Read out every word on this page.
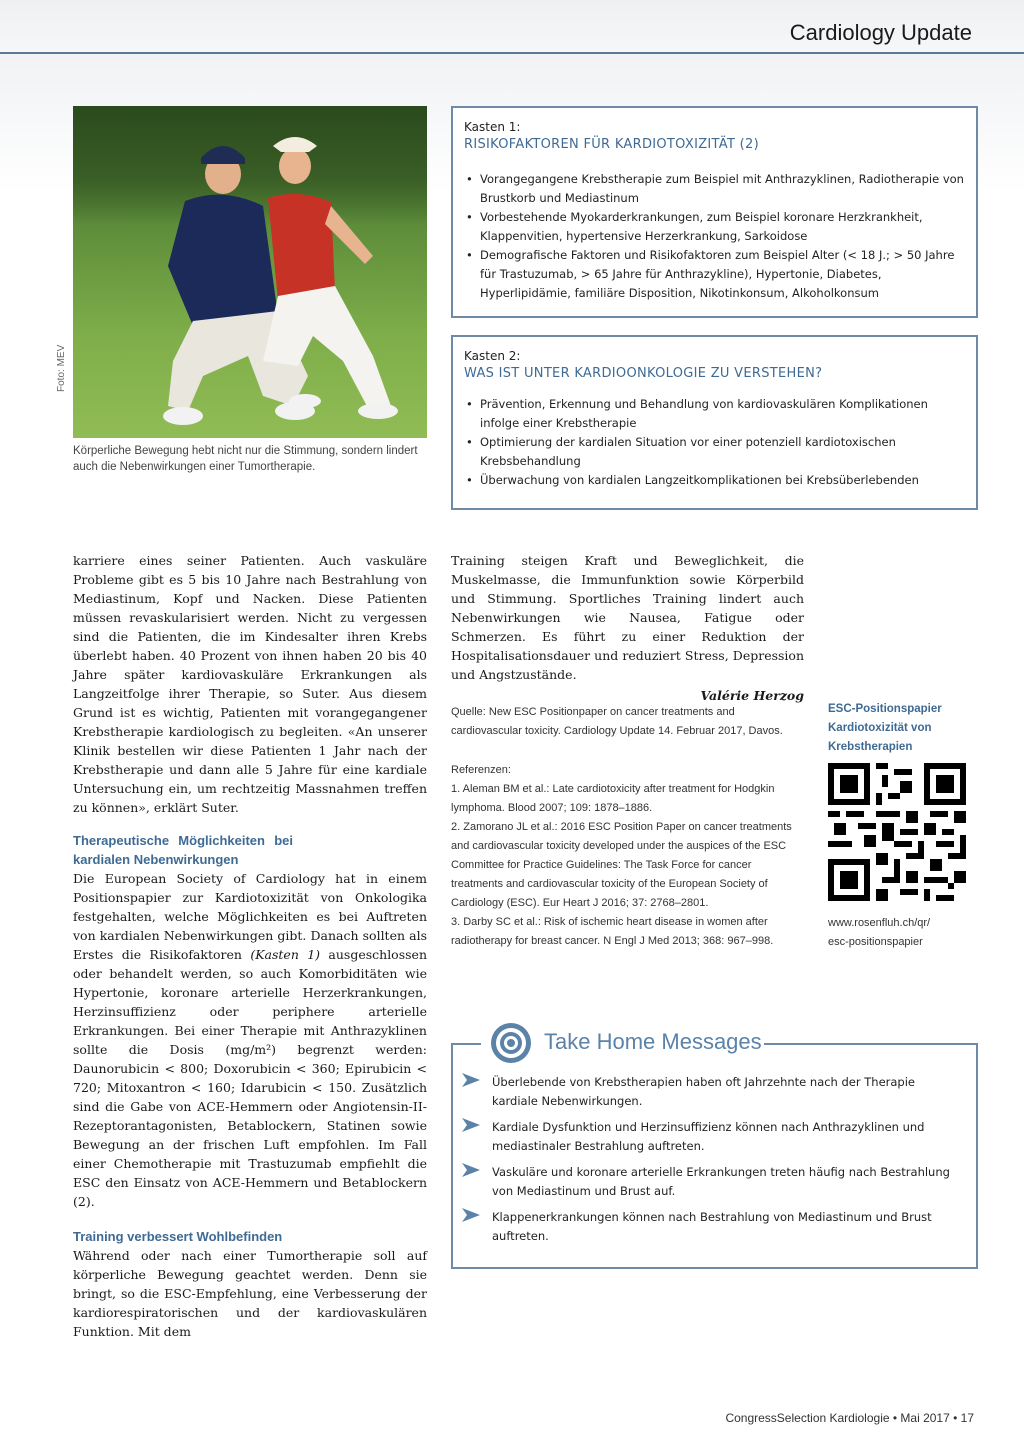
Cardiology Update
Foto: MEV
Körperliche Bewegung hebt nicht nur die Stimmung, sondern lindert auch die Nebenwirkungen einer Tumortherapie.
Kasten 1:
RISIKOFAKTOREN FÜR KARDIOTOXIZITÄT (2)
• Vorangegangene Krebstherapie zum Beispiel mit Anthrazyklinen, Radiotherapie von Brustkorb und Mediastinum
• Vorbestehende Myokarderkrankungen, zum Beispiel koronare Herzkrankheit, Klappenvitien, hypertensive Herzerkrankung, Sarkoidose
• Demografische Faktoren und Risikofaktoren zum Beispiel Alter (< 18 J.; > 50 Jahre für Trastuzumab, > 65 Jahre für Anthrazykline), Hypertonie, Diabetes, Hyperlipidämie, familiäre Disposition, Nikotinkonsum, Alkoholkonsum
Kasten 2:
WAS IST UNTER KARDIOONKOLOGIE ZU VERSTEHEN?
• Prävention, Erkennung und Behandlung von kardiovaskulären Komplikationen infolge einer Krebstherapie
• Optimierung der kardialen Situation vor einer potenziell kardiotoxischen Krebsbehandlung
• Überwachung von kardialen Langzeitkomplikationen bei Krebsüberlebenden

karriere eines seiner Patienten. Auch vaskuläre Probleme gibt es 5 bis 10 Jahre nach Bestrahlung von Mediastinum, Kopf und Nacken. Diese Patienten müssen revaskularisiert werden. Nicht zu vergessen sind die Patienten, die im Kindesalter ihren Krebs überlebt haben. 40 Prozent von ihnen haben 20 bis 40 Jahre später kardiovaskuläre Erkrankungen als Langzeitfolge ihrer Therapie, so Suter. Aus diesem Grund ist es wichtig, Patienten mit vorangegangener Krebstherapie kardiologisch zu begleiten. «An unserer Klinik bestellen wir diese Patienten 1 Jahr nach der Krebstherapie und dann alle 5 Jahre für eine kardiale Untersuchung ein, um rechtzeitig Massnahmen treffen zu können», erklärt Suter.

Therapeutische Möglichkeiten bei kardialen Nebenwirkungen

Die European Society of Cardiology hat in einem Positionspapier zur Kardiotoxizität von Onkologika festgehalten, welche Möglichkeiten es bei Auftreten von kardialen Nebenwirkungen gibt. Danach sollten als Erstes die Risikofaktoren (Kasten 1) ausgeschlossen oder behandelt werden, so auch Komorbiditäten wie Hypertonie, koronare arterielle Herzerkrankungen, Herzinsuffizienz oder periphere arterielle Erkrankungen. Bei einer Therapie mit Anthrazyklinen sollte die Dosis (mg/m²) begrenzt werden: Daunorubicin < 800; Doxorubicin < 360; Epirubicin < 720; Mitoxantron < 160; Idarubicin < 150. Zusätzlich sind die Gabe von ACE-Hemmern oder Angiotensin-II-Rezeptorantagonisten, Betablockern, Statinen sowie Bewegung an der frischen Luft empfohlen. Im Fall einer Chemotherapie mit Trastuzumab empfiehlt die ESC den Einsatz von ACE-Hemmern und Betablockern (2).

Training verbessert Wohlbefinden

Während oder nach einer Tumortherapie soll auf körperliche Bewegung geachtet werden. Denn sie bringt, so die ESC-Empfehlung, eine Verbesserung der kardiorespiratorischen und der kardiovaskulären Funktion. Mit dem

Training steigen Kraft und Beweglichkeit, die Muskelmasse, die Immunfunktion sowie Körperbild und Stimmung. Sportliches Training lindert auch Nebenwirkungen wie Nausea, Fatigue oder Schmerzen. Es führt zu einer Reduktion der Hospitalisationsdauer und reduziert Stress, Depression und Angstzustände.

Valérie Herzog
Quelle: New ESC Positionpaper on cancer treatments and cardiovascular toxicity. Cardiology Update 14. Februar 2017, Davos.
Referenzen:
1. Aleman BM et al.: Late cardiotoxicity after treatment for Hodgkin lymphoma. Blood 2007; 109: 1878–1886.
2. Zamorano JL et al.: 2016 ESC Position Paper on cancer treatments and cardiovascular toxicity developed under the auspices of the ESC Committee for Practice Guidelines: The Task Force for cancer treatments and cardiovascular toxicity of the European Society of Cardiology (ESC). Eur Heart J 2016; 37: 2768–2801.
3. Darby SC et al.: Risk of ischemic heart disease in women after radiotherapy for breast cancer. N Engl J Med 2013; 368: 967–998.
ESC-Positionspapier Kardiotoxizität von Krebstherapien
www.rosenfluh.ch/qr/
esc-positionspapier
Take Home Messages
Überlebende von Krebstherapien haben oft Jahrzehnte nach der Therapie kardiale Nebenwirkungen.
Kardiale Dysfunktion und Herzinsuffizienz können nach Anthrazyklinen und mediastinaler Bestrahlung auftreten.
Vaskuläre und koronare arterielle Erkrankungen treten häufig nach Bestrahlung von Mediastinum und Brust auf.
Klappenerkrankungen können nach Bestrahlung von Mediastinum und Brust auftreten.
CongressSelection Kardiologie • Mai 2017 • 17
